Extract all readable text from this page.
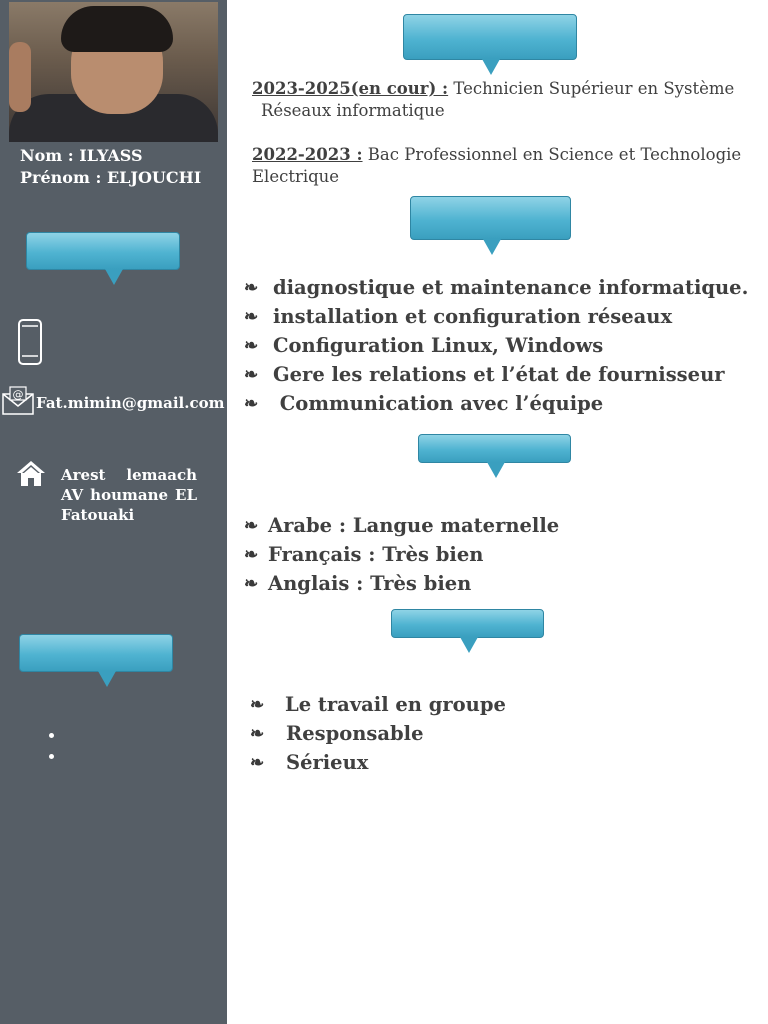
Nom : ILYASS
Prénom : ELJOUCHI
@ Fat.mimin@gmail.com
Arest lemaach AV houmane EL Fatouaki
2023-2025(en cour) : Technicien Supérieur en Système
Réseaux informatique
2022-2023 : Bac Professionnel en Science et Technologie
Electrique
❧ diagnostique et maintenance informatique.
❧ installation et configuration réseaux
❧ Configuration Linux, Windows
❧ Gere les relations et l’état de fournisseur
❧ Communication avec l’équipe
❧ Arabe : Langue maternelle
❧ Français : Très bien
❧ Anglais : Très bien
❧ Le travail en groupe
❧ Responsable
❧ Sérieux
